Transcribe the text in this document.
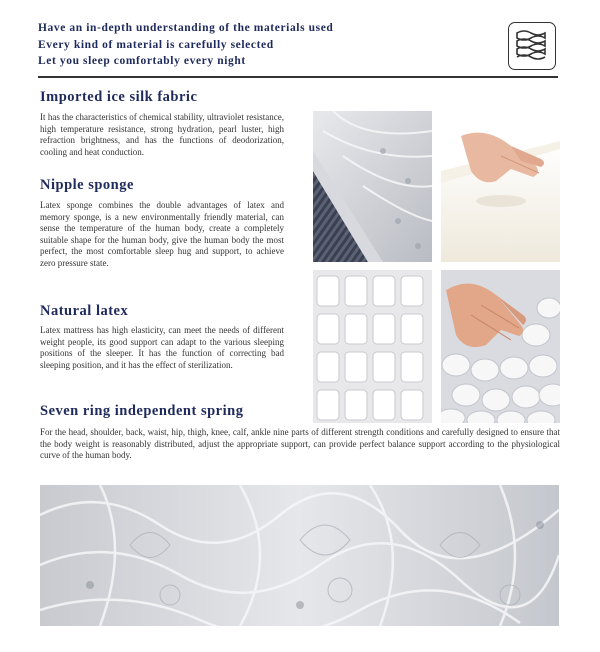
Have an in-depth understanding of the materials used
Every kind of material is carefully selected
Let you sleep comfortably every night
Imported ice silk fabric

It has the characteristics of chemical stability, ultraviolet resistance, high temperature resistance, strong hydration, pearl luster, high refraction brightness, and has the functions of deodorization, cooling and heat conduction.

Nipple sponge

Latex sponge combines the double advantages of latex and memory sponge, is a new environmentally friendly material, can sense the temperature of the human body, create a completely suitable shape for the human body, give the human body the most perfect, the most comfortable sleep hug and support, to achieve zero pressure state.

Natural latex

Latex mattress has high elasticity, can meet the needs of different weight people, its good support can adapt to the various sleeping positions of the sleeper. It has the function of correcting bad sleeping position, and it has the effect of sterilization.

Seven ring independent spring

For the head, shoulder, back, waist, hip, thigh, knee, calf, ankle nine parts of different strength conditions and carefully designed to ensure that the body weight is reasonably distributed, adjust the appropriate support, can provide perfect balance support according to the physiological curve of the human body.
